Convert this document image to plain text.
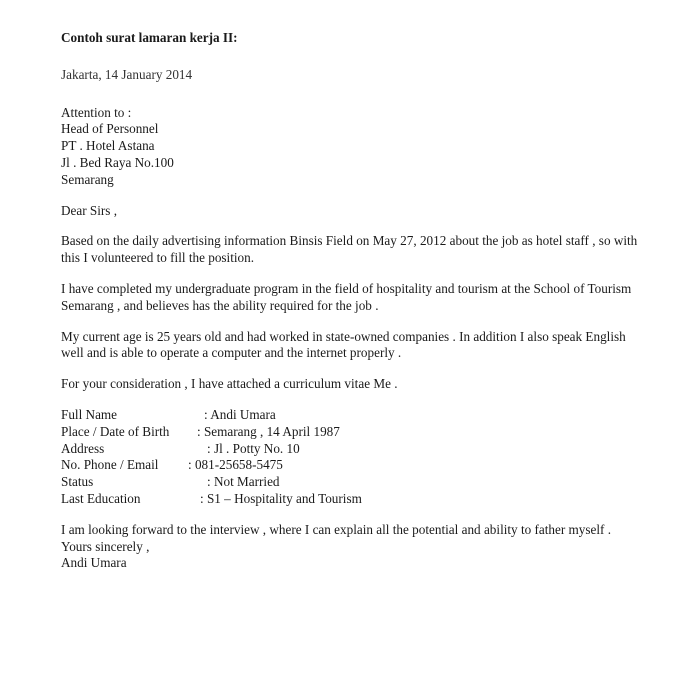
Contoh surat lamaran kerja II:
Jakarta, 14 January 2014
Attention to :
Head of Personnel
PT . Hotel Astana
Jl . Bed Raya No.100
Semarang
Dear Sirs ,
Based on the daily advertising information Binsis Field on May 27, 2012 about the job as hotel staff , so with this I volunteered to fill the position.
I have completed my undergraduate program in the field of hospitality and tourism at the School of Tourism Semarang , and believes has the ability required for the job .
My current age is 25 years old and had worked in state-owned companies . In addition I also speak English well and is able to operate a computer and the internet properly .
For your consideration , I have attached a curriculum vitae Me .
Full Name	: Andi Umara
Place / Date of Birth : Semarang , 14 April 1987
Address	: Jl . Potty No. 10
No. Phone / Email : 081-25658-5475
Status	: Not Married
Last Education	: S1 – Hospitality and Tourism
I am looking forward to the interview , where I can explain all the potential and ability to father myself .
Yours sincerely ,
Andi Umara
